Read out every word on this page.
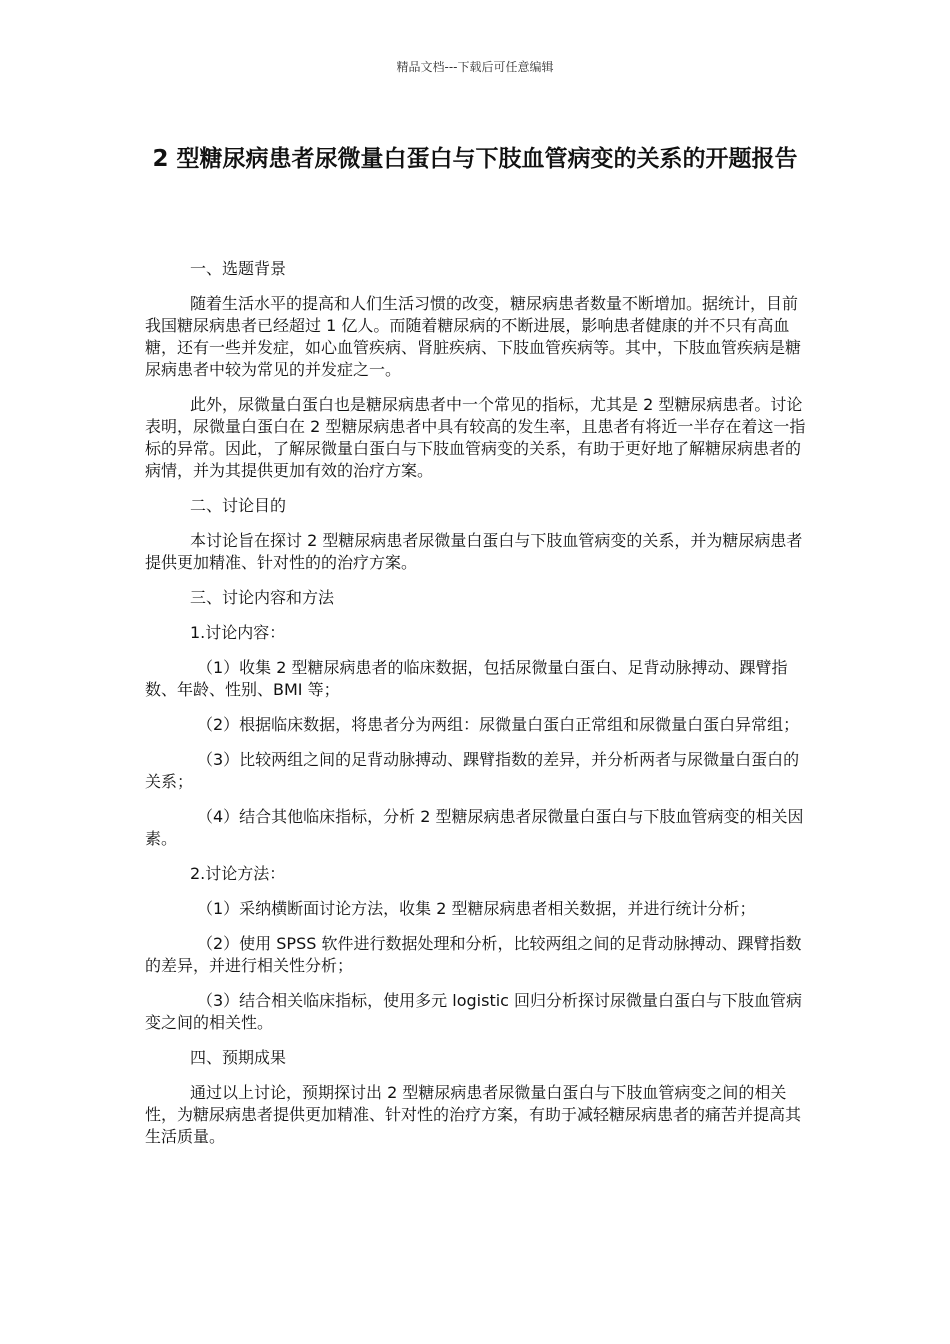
精品文档---下载后可任意编辑
2 型糖尿病患者尿微量白蛋白与下肢血管病变的关系的开题报告

一、选题背景

随着生活水平的提高和人们生活习惯的改变，糖尿病患者数量不断增加。据统计，目前我国糖尿病患者已经超过 1 亿人。而随着糖尿病的不断进展，影响患者健康的并不只有高血糖，还有一些并发症，如心血管疾病、肾脏疾病、下肢血管疾病等。其中，下肢血管疾病是糖尿病患者中较为常见的并发症之一。

此外，尿微量白蛋白也是糖尿病患者中一个常见的指标，尤其是 2 型糖尿病患者。讨论表明，尿微量白蛋白在 2 型糖尿病患者中具有较高的发生率，且患者有将近一半存在着这一指标的异常。因此，了解尿微量白蛋白与下肢血管病变的关系，有助于更好地了解糖尿病患者的病情，并为其提供更加有效的治疗方案。

二、讨论目的

本讨论旨在探讨 2 型糖尿病患者尿微量白蛋白与下肢血管病变的关系，并为糖尿病患者提供更加精准、针对性的的治疗方案。

三、讨论内容和方法

1.讨论内容：

（1）收集 2 型糖尿病患者的临床数据，包括尿微量白蛋白、足背动脉搏动、踝臂指数、年龄、性别、BMI 等；

（2）根据临床数据，将患者分为两组：尿微量白蛋白正常组和尿微量白蛋白异常组；

（3）比较两组之间的足背动脉搏动、踝臂指数的差异，并分析两者与尿微量白蛋白的关系；

（4）结合其他临床指标，分析 2 型糖尿病患者尿微量白蛋白与下肢血管病变的相关因素。

2.讨论方法：

（1）采纳横断面讨论方法，收集 2 型糖尿病患者相关数据，并进行统计分析；

（2）使用 SPSS 软件进行数据处理和分析，比较两组之间的足背动脉搏动、踝臂指数的差异，并进行相关性分析；

（3）结合相关临床指标，使用多元 logistic 回归分析探讨尿微量白蛋白与下肢血管病变之间的相关性。

四、预期成果

通过以上讨论，预期探讨出 2 型糖尿病患者尿微量白蛋白与下肢血管病变之间的相关性，为糖尿病患者提供更加精准、针对性的治疗方案，有助于减轻糖尿病患者的痛苦并提高其生活质量。
